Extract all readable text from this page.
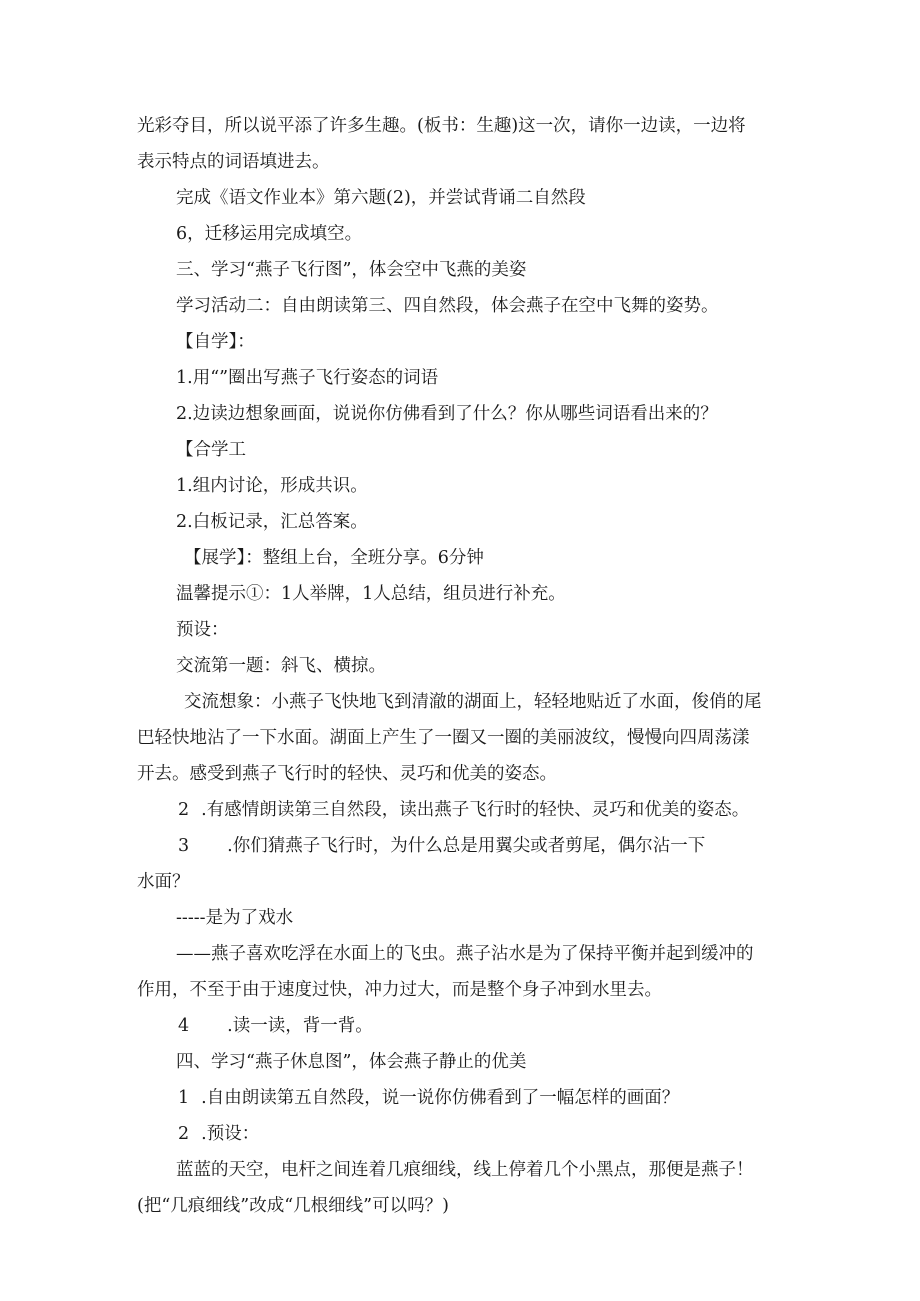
光彩夺目，所以说平添了许多生趣。(板书：生趣)这一次，请你一边读，一边将
表示特点的词语填进去。
完成《语文作业本》第六题(2)，并尝试背诵二自然段
6，迁移运用完成填空。
三、学习“燕子飞行图”，体会空中飞燕的美姿
学习活动二：自由朗读第三、四自然段，体会燕子在空中飞舞的姿势。
【自学】：
1.用“”圈出写燕子飞行姿态的词语
2.边读边想象画面，说说你仿佛看到了什么？你从哪些词语看出来的？
【合学工
1.组内讨论，形成共识。
2.白板记录，汇总答案。
【展学】：整组上台，全班分享。6分钟
温馨提示①：1人举牌，1人总结，组员进行补充。
预设：
交流第一题：斜飞、横掠。
交流想象：小燕子飞快地飞到清澈的湖面上，轻轻地贴近了水面，俊俏的尾
巴轻快地沾了一下水面。湖面上产生了一圈又一圈的美丽波纹，慢慢向四周荡漾
开去。感受到燕子飞行时的轻快、灵巧和优美的姿态。
2 .有感情朗读第三自然段，读出燕子飞行时的轻快、灵巧和优美的姿态。
3 .你们猜燕子飞行时，为什么总是用翼尖或者剪尾，偶尔沾一下
水面？
-----是为了戏水
——燕子喜欢吃浮在水面上的飞虫。燕子沾水是为了保持平衡并起到缓冲的
作用，不至于由于速度过快，冲力过大，而是整个身子冲到水里去。
4 .读一读，背一背。
四、学习“燕子休息图”，体会燕子静止的优美
1 .自由朗读第五自然段，说一说你仿佛看到了一幅怎样的画面？
2 .预设：
蓝蓝的天空，电杆之间连着几痕细线，线上停着几个小黑点，那便是燕子！
(把“几痕细线”改成“几根细线”可以吗？)
